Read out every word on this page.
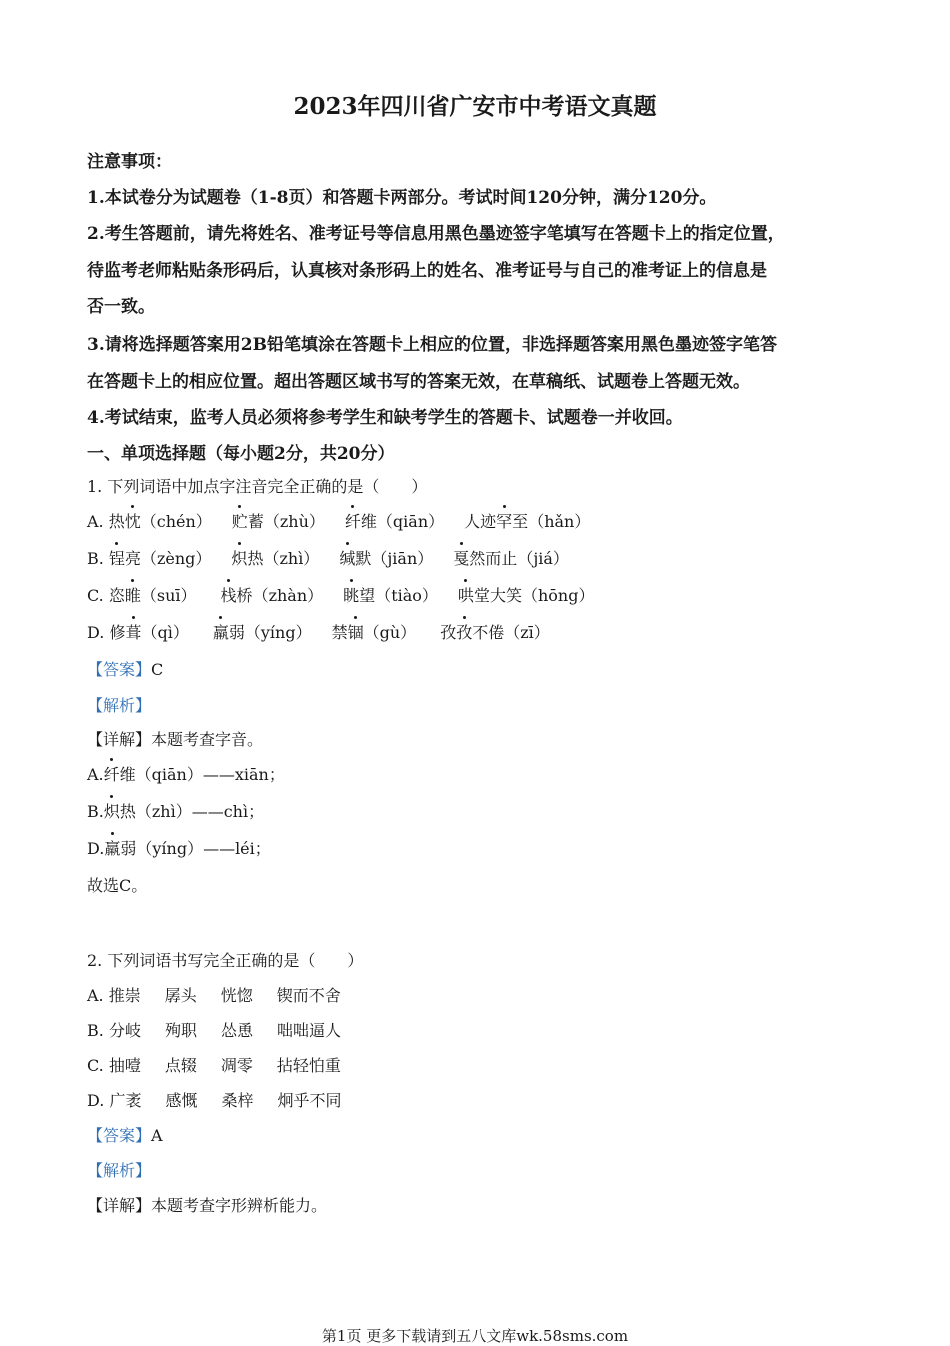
2023年四川省广安市中考语文真题
注意事项：
1.本试卷分为试题卷（1-8页）和答题卡两部分。考试时间120分钟，满分120分。
2.考生答题前，请先将姓名、准考证号等信息用黑色墨迹签字笔填写在答题卡上的指定位置，
待监考老师粘贴条形码后，认真核对条形码上的姓名、准考证号与自己的准考证上的信息是
否一致。
3.请将选择题答案用2B铅笔填涂在答题卡上相应的位置，非选择题答案用黑色墨迹签字笔答
在答题卡上的相应位置。超出答题区域书写的答案无效，在草稿纸、试题卷上答题无效。
4.考试结束，监考人员必须将参考学生和缺考学生的答题卡、试题卷一并收回。
一、单项选择题（每小题2分，共20分）
1. 下列词语中加点字注音完全正确的是（　　）
A. 热忱（chén） 贮蓄（zhù） 纤维（qiān） 人迹罕至（hǎn）
B. 锃亮（zèng） 炽热（zhì） 缄默（jiān） 戛然而止（jiá）
C. 恣睢（suī） 栈桥（zhàn） 眺望（tiào） 哄堂大笑（hōng）
D. 修葺（qì） 羸弱（yíng） 禁锢（gù） 孜孜不倦（zī）
【答案】C
【解析】
【详解】本题考查字音。
A.纤维（qiān）——xiān；
B.炽热（zhì）——chì；
D.羸弱（yíng）——léi；
故选C。
2. 下列词语书写完全正确的是（　　）
A. 推崇 孱头 恍惚 锲而不舍
B. 分岐 殉职 怂恿 咄咄逼人
C. 抽噎 点辍 凋零 拈轻怕重
D. 广袤 感慨 桑梓 炯乎不同
【答案】A
【解析】
【详解】本题考查字形辨析能力。
第1页 更多下载请到五八文库wk.58sms.com
